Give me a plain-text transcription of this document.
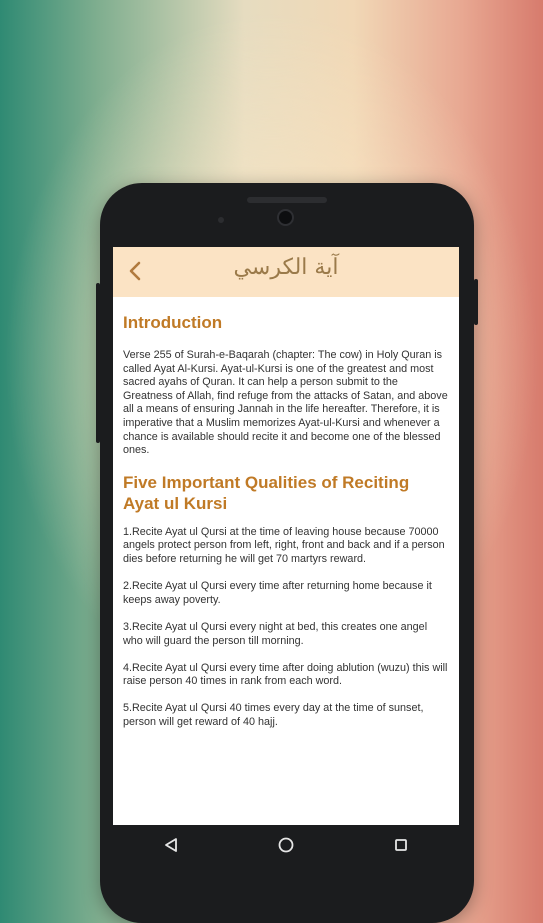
آية الكرسي
Introduction

Verse 255 of Surah-e-Baqarah (chapter: The cow) in Holy Quran is called Ayat Al-Kursi. Ayat-ul-Kursi is one of the greatest and most sacred ayahs of Quran. It can help a person submit to the Greatness of Allah, find refuge from the attacks of Satan, and above all a means of ensuring Jannah in the life hereafter. Therefore, it is imperative that a Muslim memorizes Ayat-ul-Kursi and whenever a chance is available should recite it and become one of the blessed ones.

Five Important Qualities of Reciting Ayat ul Kursi
1.Recite Ayat ul Qursi at the time of leaving house because 70000 angels protect person from left, right, front and back and if a person dies before returning he will get 70 martyrs reward.
2.Recite Ayat ul Qursi every time after returning home because it keeps away poverty.
3.Recite Ayat ul Qursi every night at bed, this creates one angel who will guard the person till morning.
4.Recite Ayat ul Qursi every time after doing ablution (wuzu) this will raise person 40 times in rank from each word.
5.Recite Ayat ul Qursi 40 times every day at the time of sunset, person will get reward of 40 hajj.
